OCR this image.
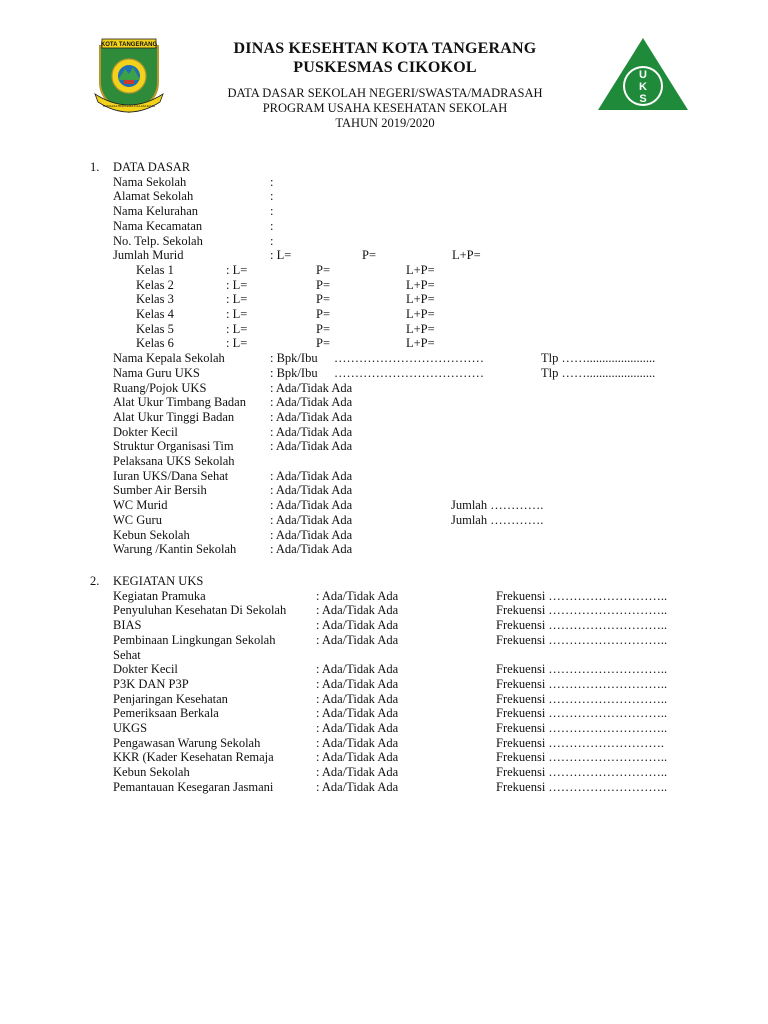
KOTA TANGERANG
BAHAGIA BERSAMA DALAM KOTA
DINAS KESEHTAN KOTA TANGERANG
PUSKESMAS CIKOKOL
DATA DASAR SEKOLAH NEGERI/SWASTA/MADRASAH
PROGRAM USAHA KESEHATAN SEKOLAH
TAHUN 2019/2020
U
K
S
1. DATA DASAR
Nama Sekolah	:
Alamat Sekolah	:
Nama Kelurahan	:
Nama Kecamatan	:
No. Telp. Sekolah	:
Jumlah Murid	: L=	P=	L+P=
Kelas 1	: L=	P=	L+P=
Kelas 2	: L=	P=	L+P=
Kelas 3	: L=	P=	L+P=
Kelas 4	: L=	P=	L+P=
Kelas 5	: L=	P=	L+P=
Kelas 6	: L=	P=	L+P=
Nama Kepala Sekolah	: Bpk/Ibu ………………………………	Tlp ……......................
Nama Guru UKS	: Bpk/Ibu ………………………………	Tlp ……......................
Ruang/Pojok UKS	: Ada/Tidak Ada
Alat Ukur Timbang Badan : Ada/Tidak Ada
Alat Ukur Tinggi Badan	: Ada/Tidak Ada
Dokter Kecil	: Ada/Tidak Ada
Struktur Organisasi Tim	: Ada/Tidak Ada
Pelaksana UKS Sekolah
Iuran UKS/Dana Sehat	: Ada/Tidak Ada
Sumber Air Bersih	: Ada/Tidak Ada
WC Murid	: Ada/Tidak Ada	Jumlah ………….
WC Guru	: Ada/Tidak Ada	Jumlah ………….
Kebun Sekolah	: Ada/Tidak Ada
Warung /Kantin Sekolah	: Ada/Tidak Ada
2. KEGIATAN UKS
Kegiatan Pramuka	: Ada/Tidak Ada	Frekuensi ………………………..
Penyuluhan Kesehatan Di Sekolah : Ada/Tidak Ada	Frekuensi ………………………..
BIAS	: Ada/Tidak Ada	Frekuensi ………………………..
Pembinaan Lingkungan Sekolah	: Ada/Tidak Ada	Frekuensi ………………………..
Sehat
Dokter Kecil	: Ada/Tidak Ada	Frekuensi ………………………..
P3K DAN P3P	: Ada/Tidak Ada	Frekuensi ………………………..
Penjaringan Kesehatan	: Ada/Tidak Ada	Frekuensi ………………………..
Pemeriksaan Berkala	: Ada/Tidak Ada	Frekuensi ………………………..
UKGS	: Ada/Tidak Ada	Frekuensi ………………………..
Pengawasan Warung Sekolah	: Ada/Tidak Ada	Frekuensi ……………………….
KKR (Kader Kesehatan Remaja	: Ada/Tidak Ada	Frekuensi ………………………..
Kebun Sekolah	: Ada/Tidak Ada	Frekuensi ………………………..
Pemantauan Kesegaran Jasmani	: Ada/Tidak Ada	Frekuensi ………………………..
